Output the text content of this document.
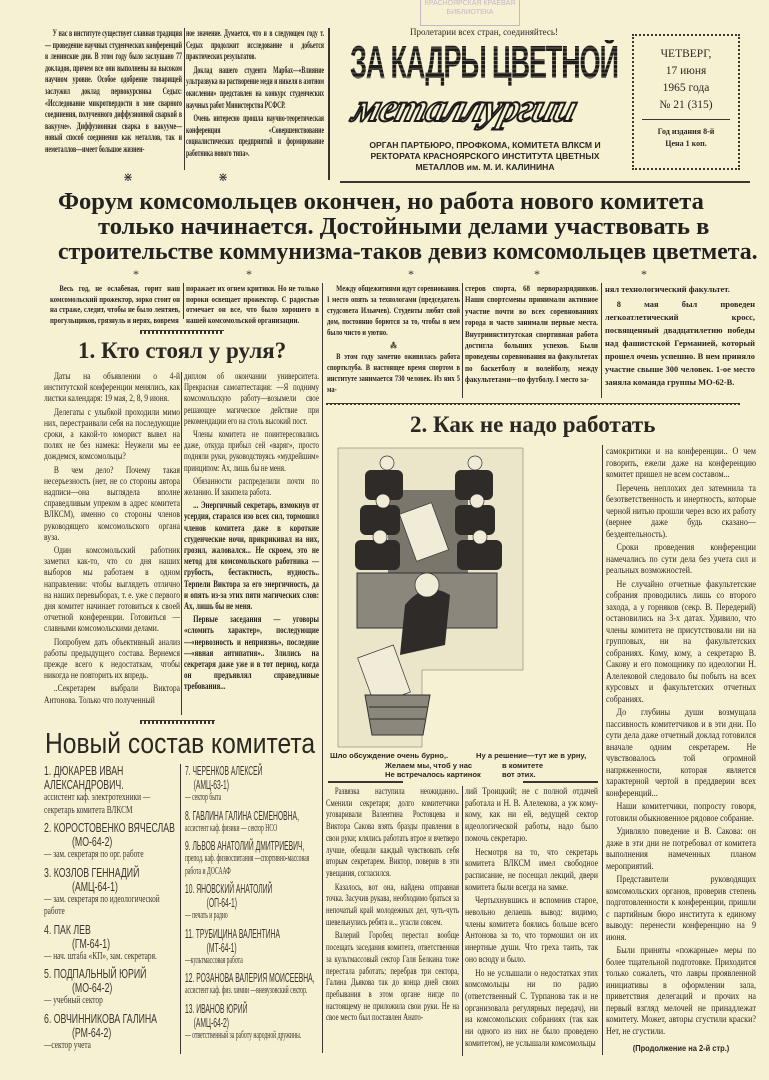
КРАСНОЯРСКАЯ КРАЕВАЯ БИБЛИОТЕКА

У нас в институте существует славная традиция — проведение научных студенческих конференций в ленинские дни. В этом году было заслушано 77 докладов, причем все они выполнены на высоком научном уровне. Особое одобрение товарищей заслужил доклад первокурсника Седых: «Исследование микротвердости в зоне сварного соединения, полученного диффузионной сваркой в вакууме». Диффузионная сварка в вакууме—новый способ соединения как металлов, так и неметаллов—имеет большое жизнен-

ное значение. Думается, что и в следующем году т. Седых продолжит исследование и добьется практических результатов.

Доклад нашего студента Марбах—«Влияние ультразвука на растворение меди и никеля в азотном окислении» представлен на конкурс студенческих научных работ Министерства РСФСР.

Очень интересно прошла научно-теоретическая конференция «Совершенствование социалистических предприятий и формирование работника нового типа».

⋇	⋇
Пролетарии всех стран, соединяйтесь!
ЗА КАДРЫ ЦВЕТНОЙ
металлургии
ОРГАН ПАРТБЮРО, ПРОФКОМА, КОМИТЕТА ВЛКСМ И РЕКТОРАТА КРАСНОЯРСКОГО ИНСТИТУТА ЦВЕТНЫХ МЕТАЛЛОВ им. М. И. КАЛИНИНА
ЧЕТВЕРГ,
17 июня
1965 года
№ 21 (315)
Год издания 8-й
Цена 1 коп.
Форум комсомольцев окончен, но работа нового комитета
только начинается. Достойными делами участвовать в
строительстве коммунизма-таков девиз комсомольцев цветмета.
*	*	*	*	*

Весь год, не ослабевая, горит наш комсомольский прожектор, зорко стоит он на страже, следит, чтобы не было лентяев, прогульщиков, грязнуль и нерях, вовремя

поражает их огнем критики. Но не только пороки освещает прожектор. С радостью отмечает он все, что было хорошего в нашей комсомольской организации.

1. Кто стоял у руля?

Даты на объявлении о 4-й институтской конференции менялись, как листки календаря: 19 мая, 2, 8, 9 июня.

Делегаты с улыбкой проходили мимо них, перестраивали себя на последующие сроки, а какой-то юморист вывел на полях не без намека: Неужели мы ее дождемся, комсомольцы?

В чем дело? Почему такая несерьезность (нет, не со стороны автора надписи—она выглядела вполне справедливым упреком в адрес комитета ВЛКСМ), именно со стороны членов руководящего комсомольского органа вуза.

Один комсомольский работник заметил как-то, что со дня наших выборов мы работаем в одном направлении: чтобы выглядеть отлично на наших перевыборах, т. е. уже с первого дня комитет начинает готовиться к своей отчетной конференции. Готовиться — славными комсомольскими делами.

Попробуем дать объективный анализ работы предыдущего состава. Вернемся прежде всего к недостаткам, чтобы никогда не повторить их впредь.

..Секретарем выбрали Виктора Антонова. Только что полученный

диплом об окончании университета. Прекрасная самоаттестация: —Я подниму комсомольскую работу—возымели свое решающее магическое действие при рекомендации его на столь высокий пост.

Члены комитета не поинтересовались даже, откуда прибыл сей «варяг», просто подняли руки, руководствуясь «мудрейшим» принципом: Ах, лишь бы не меня.

Обязанности распределили почти по желанию. И закипела работа.

... Энергичный секретарь, взмокнув от усердия, старался изо всех сил, тормошил членов комитета даже в короткие студенческие ночи, прикрикивал на них, грозил, жаловался... Не скроем, это не метод для комсомольского работника — грубость, бестактность, нудность.. Терпели Виктора за его энергичность, да и опять из-за этих пяти магических слов: Ах, лишь бы не меня.

Первые заседания — уговоры «сломить характер», последующие—«нервозность и неприязнь», последние—«явная антипатия».. Злились на секретаря даже уже и в тот период, когда он предъявлял справедливые требования...

Новый состав комитета
1. ДЮКАРЕВ ИВАН АЛЕКСАНДРОВИЧ.
ассистент каф. электротехники — секретарь комитета ВЛКСМ
2. КОРОСТОВЕНКО ВЯЧЕСЛАВ
(МО-64-2)
— зам. секретаря по орг. работе
3. КОЗЛОВ ГЕННАДИЙ
(АМЦ-64-1)
— зам. секретаря по идеологической работе
4. ПАК ЛЕВ
(ГМ-64-1)
— нач. штаба «КП», зам. секретаря.
5. ПОДПАЛЬНЫЙ ЮРИЙ
(МО-64-2)
— учебный сектор
6. ОВЧИННИКОВА ГАЛИНА
(РМ-64-2)
—сектор учета
7. ЧЕРЕНКОВ АЛЕКСЕЙ
(АМЦ-63-1)
— сектор быта
8. ГАВЛИНА ГАЛИНА СЕМЕНОВНА,
ассистент каф. физики — сектор НСО
9. ЛЬВОВ АНАТОЛИЙ ДМИТРИЕВИЧ,
препод. каф. физвоспитания —спортивно-массовая работа и ДОСААФ
10. ЯНОВСКИЙ АНАТОЛИЙ
(ОП-64-1)
— печать и радио
11. ТРУБИЦИНА ВАЛЕНТИНА
(МТ-64-1)
—культмассовая работа
12. РОЗАНОВА ВАЛЕРИЯ МОИСЕЕВНА,
ассистент каф. физ. химии —вневузовский сектор.
13. ИВАНОВ ЮРИЙ
(АМЦ-64-2)
— ответственный за работу народной дружины.

Между общежитиями идут соревнования. I место опять за технологами (председатель студсовета Ильичев). Студенты любят свой дом, постоянно борются за то, чтобы в нем было чисто и уютно.

⁂

В этом году заметно оживилась работа спортклуба. В настоящее время спортом в институте занимается 730 человек. Из них 5 ма-

стеров спорта, 68 перворазрядников. Наши спортсмены принимали активное участие почти во всех соревнованиях города и часто занимали первые места. Внутриинститутская спортивная работа достигла больших успехов. Были проведены соревнования на факультетах по баскетболу и волейболу, между факультетами—по футболу. I место за-

нял технологический факультет.

8 мая был проведен легкоатлетический кросс, посвященный двадцатилетию победы над фашистской Германией, который прошел очень успешно. В нем приняло участие свыше 300 человек. 1-ое место заняла команда группы МО-62-В.

2. Как не надо работать
Шло обсуждение очень бурно,.
Желаем мы, чтоб у нас
Не встречалось картинок
Ну а решение—тут же в урну,
в комитете
вот этих.

Развязка наступила неожиданно.. Сменили секретаря; долго комитетчики уговаривали Валентина Ростовцева и Виктора Сакова взять бразды правления в свои руки; клялись работать втрое и вчетверо лучше, обещали каждый чувствовать себя вторым секретарем. Виктор, поверив в эти увещания, согласился.

Казалось, вот она, найдена отправная точка. Засучив рукава, необходимо браться за непочатый край молодежных дел, чуть-чуть шевельнулись ребята и... угасли совсем.

Валерий Горобец перестал вообще посещать заседания комитета, ответственная за культмассовый сектор Галя Белкина тоже перестала работать; перебрав три сектора, Галина Дьякова так до конца дней своих пребывания в этом органе нигде по настоящему не приложила свои руки. Не на свое место был поставлен Анато-

лий Троицкий; не с полной отдачей работала и Н. В. Алелекова, а уж кому-кому, как ни ей, ведущей сектор идеологической работы, надо было помочь секретарю.

Несмотря на то, что секретарь комитета ВЛКСМ имел свободное расписание, не посещал лекций, двери комитета были всегда на замке.

Чертыхнувшись и вспомнив старое, невольно делаешь вывод: видимо, члены комитета боялись больше всего Антонова за то, что тормошил он их инертные души. Что греха таить, так оно всюду и было.

Но не услышали о недостатках этих комсомольцы ни по радио (ответственный С. Турпанова так и не организовала регулярных передач), ни на комсомольских собраниях (так как ни одного из них не было проведено комитетом), не услышали комсомольцы

самокритики и на конференции.. О чем говорить, ежели даже на конференцию комитет пришел не всем составом...

Перечень неплохих дел затемнила та безответственность и инертность, которые черной нитью прошли через всю их работу (вернее даже будь сказано—бездеятельность).

Сроки проведения конференции намечались по сути дела без учета сил и реальных возможностей.

Не случайно отчетные факультетские собрания проводились лишь со второго захода, а у горняков (секр. В. Передерий) остановились на 3-х датах. Удивило, что члены комитета не присутствовали ни на групповых, ни на факультетских собраниях. Кому, кому, а секретарю В. Сакову и его помощнику по идеологии Н. Алелековой следовало бы побыть на всех курсовых и факультетских отчетных собраниях.

До глубины души возмущала пассивность комитетчиков и в эти дни. По сути дела даже отчетный доклад готовился вначале одним секретарем. Не чувствовалось той огромной напряженности, которая является характерной чертой в преддверии всех конференций...

Наши комитетчики, попросту говоря, готовили обыкновенное рядовое собрание.

Удивляло поведение и В. Сакова: он даже в эти дни не потребовал от комитета выполнения намеченных планом мероприятий.

Представители руководящих комсомольских органов, проверив степень подготовленности к конференции, пришли с партийным бюро института к единому выводу: перенести конференцию на 9 июня.

Были приняты «пожарные» меры по более тщательной подготовке. Приходится только сожалеть, что лавры проявленной инициативы в оформлении зала, приветствия делегаций и прочих на первый взгляд мелочей не принадлежат комитету. Может, авторы сгустили краски? Нет, не сгустили.

(Продолжение на 2-й стр.)
